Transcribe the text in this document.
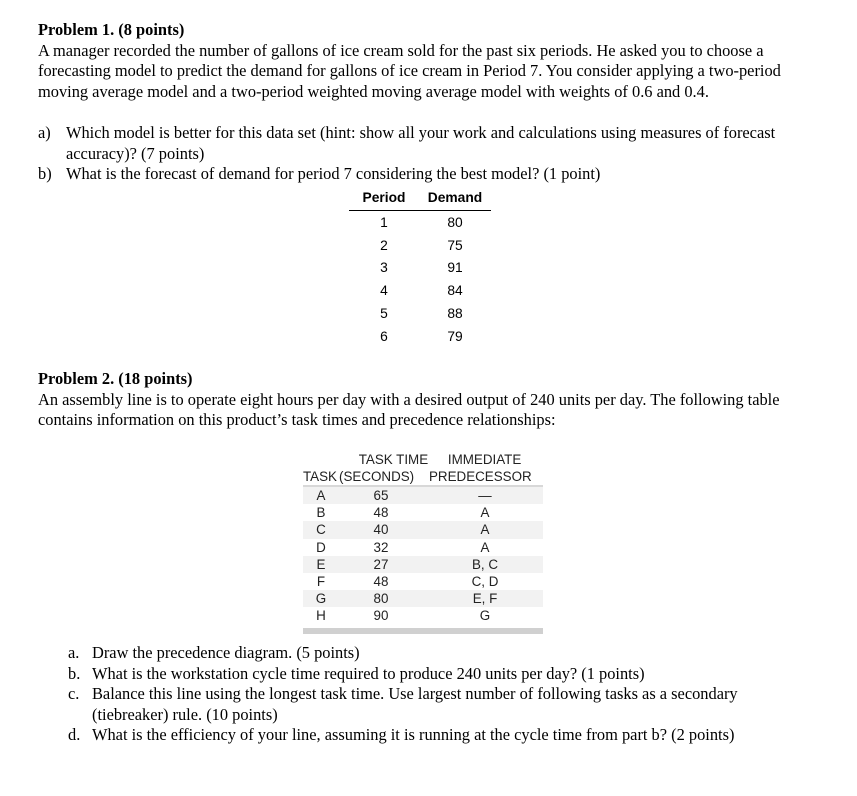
Problem 1. (8 points)
A manager recorded the number of gallons of ice cream sold for the past six periods. He asked you to choose a forecasting model to predict the demand for gallons of ice cream in Period 7. You consider applying a two-period moving average model and a two-period weighted moving average model with weights of 0.6 and 0.4.
a) Which model is better for this data set (hint: show all your work and calculations using measures of forecast accuracy)? (7 points)
b) What is the forecast of demand for period 7 considering the best model? (1 point)
Period	Demand
1	80
2	75
3	91
4	84
5	88
6	79
Problem 2. (18 points)
An assembly line is to operate eight hours per day with a desired output of 240 units per day. The following table contains information on this product’s task times and precedence relationships:
TASK TIME IMMEDIATE
TASK (SECONDS)	PREDECESSOR
A	65	—
B	48	A
C	40	A
D	32	A
E	27	B, C
F	48	C, D
G	80	E, F
H	90	G
a. Draw the precedence diagram. (5 points)
b. What is the workstation cycle time required to produce 240 units per day? (1 points)
c. Balance this line using the longest task time. Use largest number of following tasks as a secondary (tiebreaker) rule. (10 points)
d. What is the efficiency of your line, assuming it is running at the cycle time from part b? (2 points)
